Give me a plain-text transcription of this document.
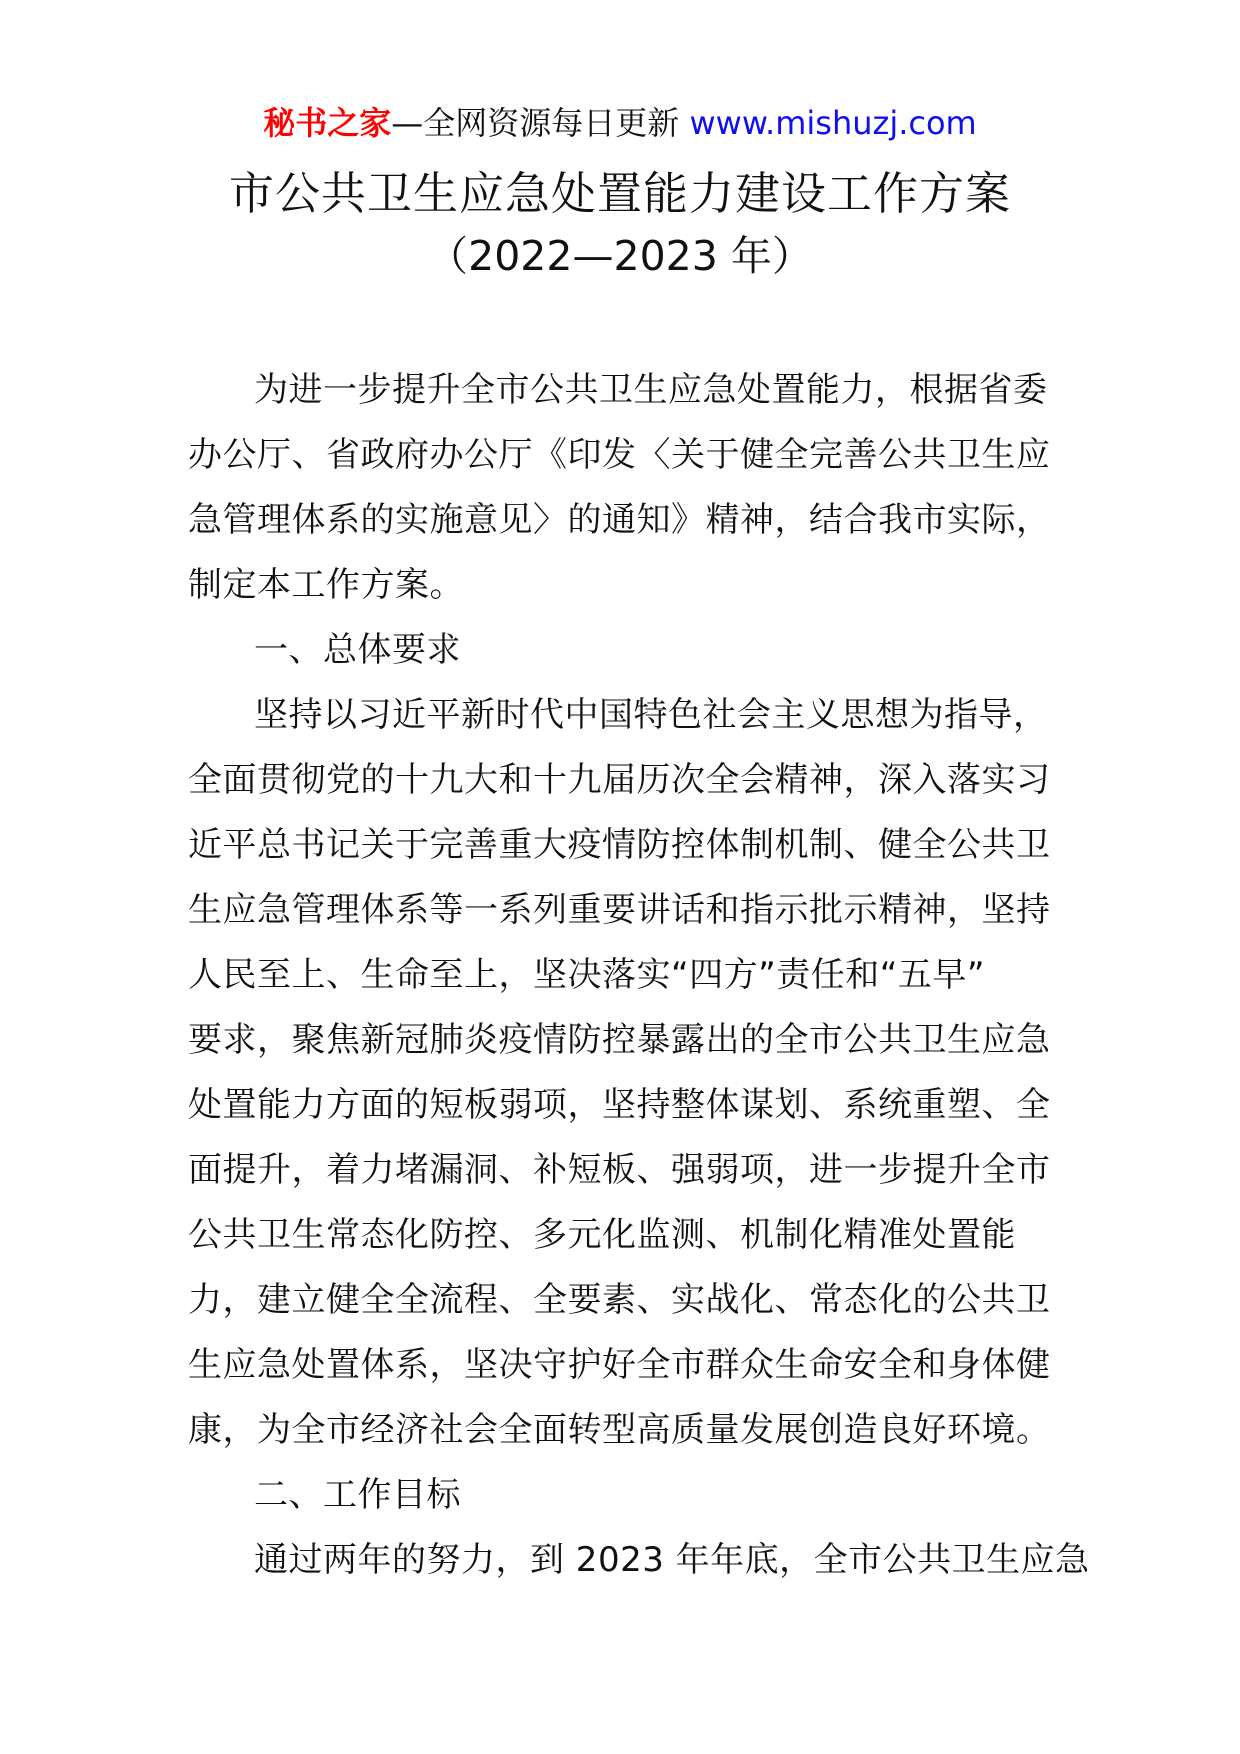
秘书之家—全网资源每日更新 www.mishuzj.com
市公共卫生应急处置能力建设工作方案
（2022—2023 年）
为进一步提升全市公共卫生应急处置能力，根据省委
办公厅、省政府办公厅《印发〈关于健全完善公共卫生应
急管理体系的实施意见〉的通知》精神，结合我市实际，
制定本工作方案。
一、总体要求
坚持以习近平新时代中国特色社会主义思想为指导，
全面贯彻党的十九大和十九届历次全会精神，深入落实习
近平总书记关于完善重大疫情防控体制机制、健全公共卫
生应急管理体系等一系列重要讲话和指示批示精神，坚持
人民至上、生命至上，坚决落实“四方”责任和“五早”
要求，聚焦新冠肺炎疫情防控暴露出的全市公共卫生应急
处置能力方面的短板弱项，坚持整体谋划、系统重塑、全
面提升，着力堵漏洞、补短板、强弱项，进一步提升全市
公共卫生常态化防控、多元化监测、机制化精准处置能
力，建立健全全流程、全要素、实战化、常态化的公共卫
生应急处置体系，坚决守护好全市群众生命安全和身体健
康，为全市经济社会全面转型高质量发展创造良好环境。
二、工作目标
通过两年的努力，到 2023 年年底，全市公共卫生应急
